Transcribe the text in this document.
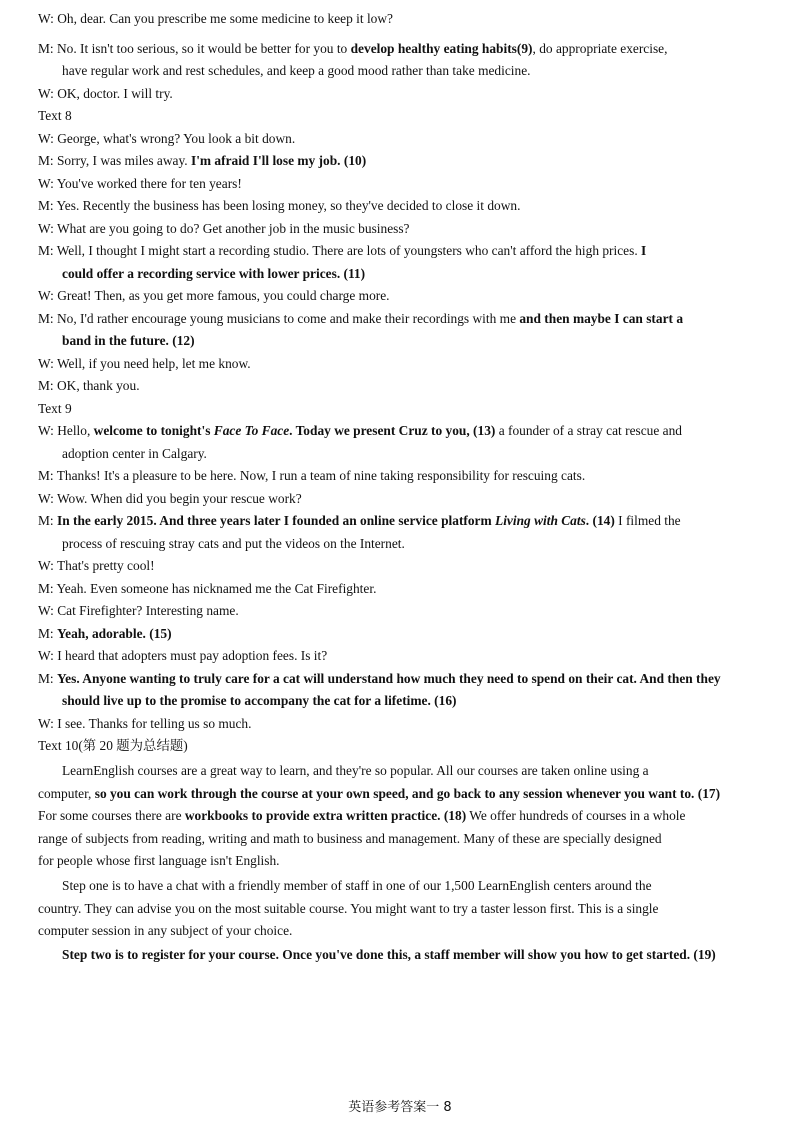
W: Oh, dear. Can you prescribe me some medicine to keep it low?
M: No. It isn't too serious, so it would be better for you to develop healthy eating habits(9), do appropriate exercise,
have regular work and rest schedules, and keep a good mood rather than take medicine.
W: OK, doctor. I will try.
Text 8
W: George, what's wrong? You look a bit down.
M: Sorry, I was miles away. I'm afraid I'll lose my job. (10)
W: You've worked there for ten years!
M: Yes. Recently the business has been losing money, so they've decided to close it down.
W: What are you going to do? Get another job in the music business?
M: Well, I thought I might start a recording studio. There are lots of youngsters who can't afford the high prices. I
could offer a recording service with lower prices. (11)
W: Great! Then, as you get more famous, you could charge more.
M: No, I'd rather encourage young musicians to come and make their recordings with me and then maybe I can start a
band in the future. (12)
W: Well, if you need help, let me know.
M: OK, thank you.
Text 9
W: Hello, welcome to tonight's Face To Face. Today we present Cruz to you, (13) a founder of a stray cat rescue and
adoption center in Calgary.
M: Thanks! It's a pleasure to be here. Now, I run a team of nine taking responsibility for rescuing cats.
W: Wow. When did you begin your rescue work?
M: In the early 2015. And three years later I founded an online service platform Living with Cats. (14) I filmed the
process of rescuing stray cats and put the videos on the Internet.
W: That's pretty cool!
M: Yeah. Even someone has nicknamed me the Cat Firefighter.
W: Cat Firefighter? Interesting name.
M: Yeah, adorable. (15)
W: I heard that adopters must pay adoption fees. Is it?
M: Yes. Anyone wanting to truly care for a cat will understand how much they need to spend on their cat. And then they
should live up to the promise to accompany the cat for a lifetime. (16)
W: I see. Thanks for telling us so much.
Text 10(第 20 题为总结题)
LearnEnglish courses are a great way to learn, and they're so popular. All our courses are taken online using a
computer, so you can work through the course at your own speed, and go back to any session whenever you want to. (17)
For some courses there are workbooks to provide extra written practice. (18) We offer hundreds of courses in a whole
range of subjects from reading, writing and math to business and management. Many of these are specially designed
for people whose first language isn't English.
Step one is to have a chat with a friendly member of staff in one of our 1,500 LearnEnglish centers around the
country. They can advise you on the most suitable course. You might want to try a taster lesson first. This is a single
computer session in any subject of your choice.
Step two is to register for your course. Once you've done this, a staff member will show you how to get started. (19)
英语参考答案一 8
